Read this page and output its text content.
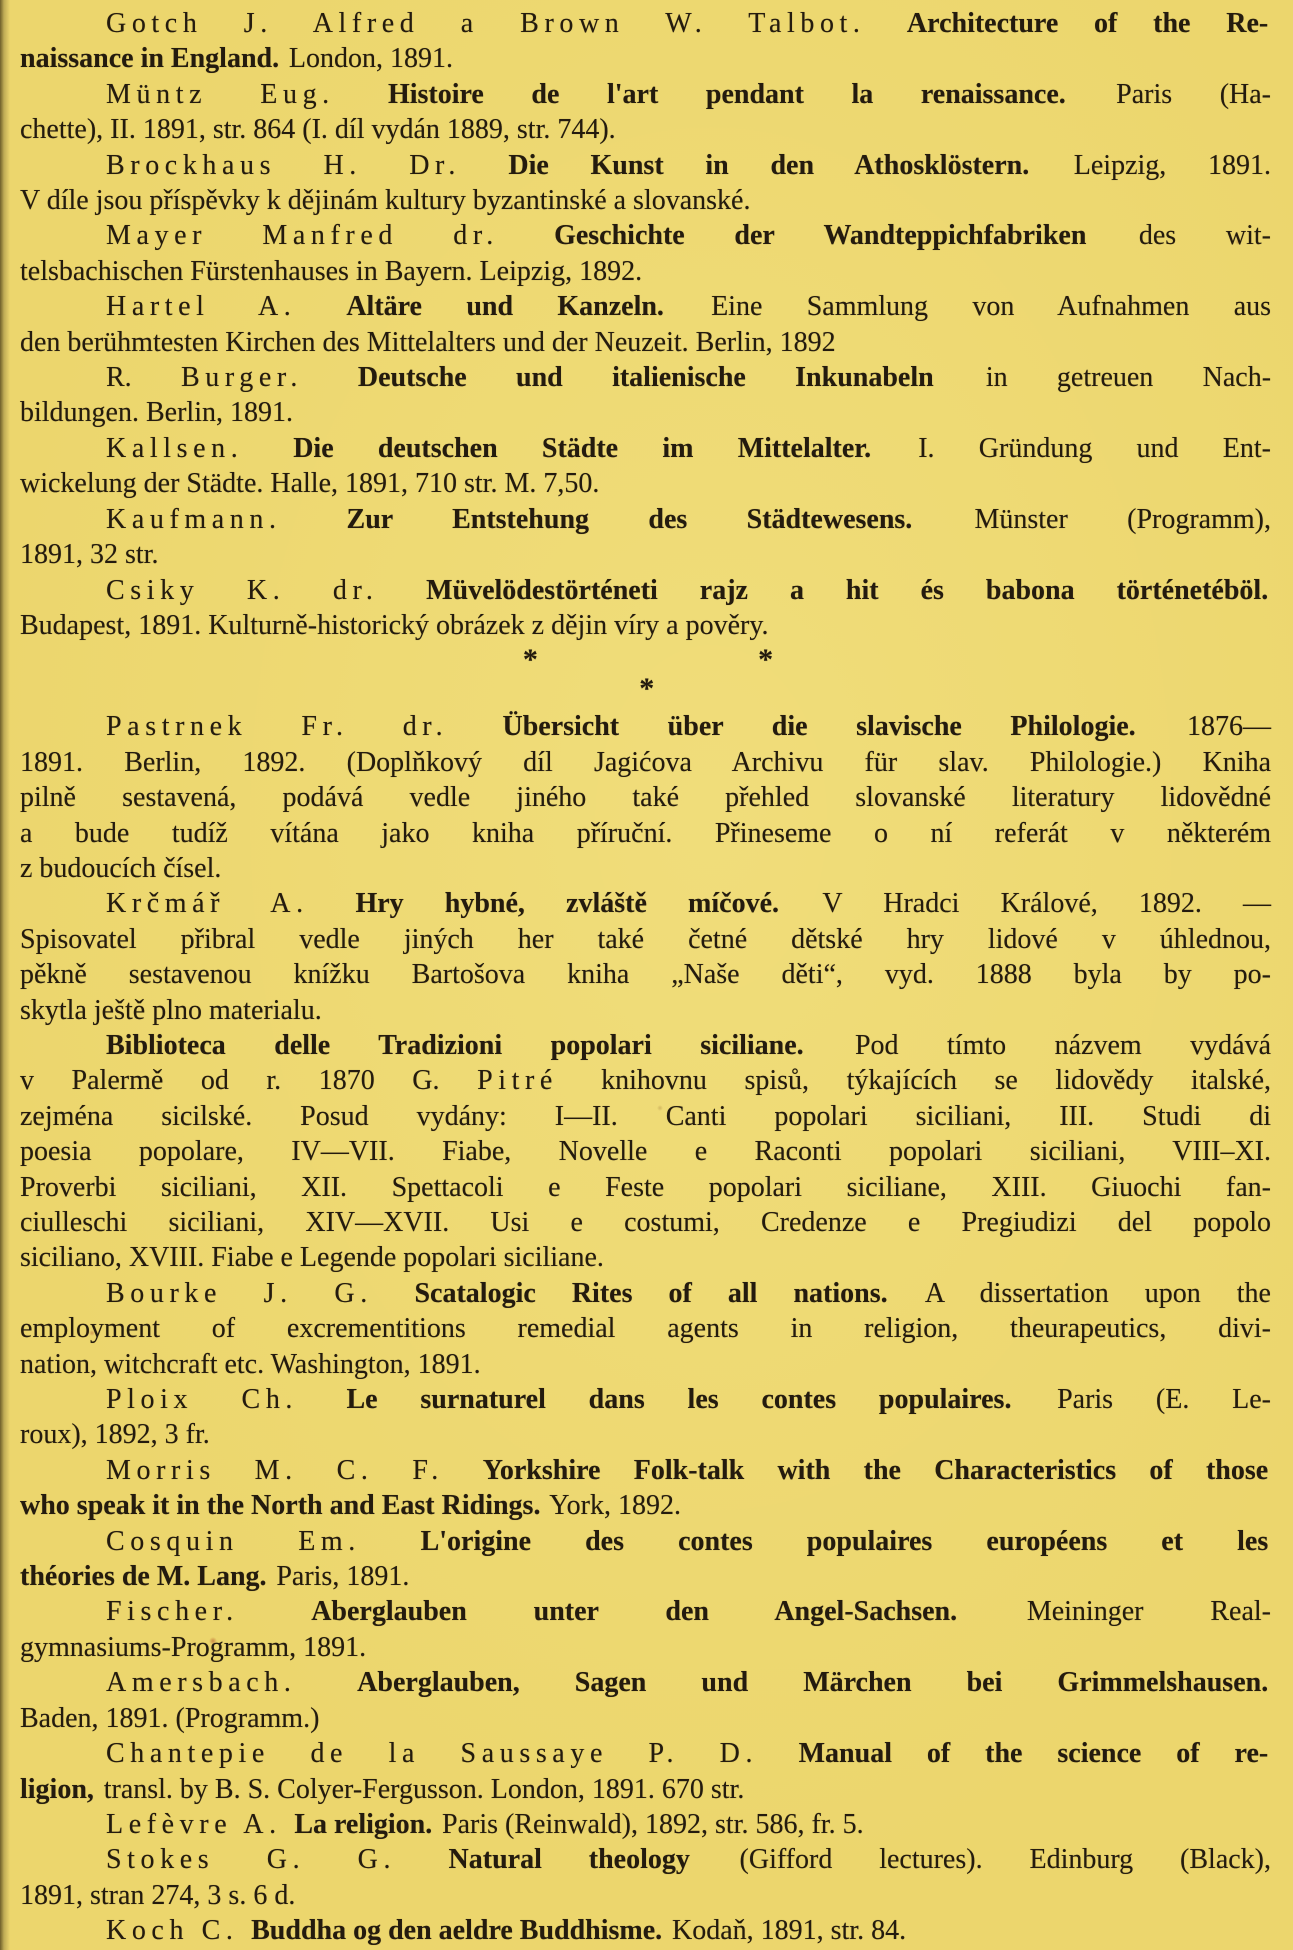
Gotch J. Alfred a Brown W. Talbot. Architecture of the Re-
naissance in England. London, 1891.
Müntz Eug. Histoire de l'art pendant la renaissance. Paris (Ha-
chette), II. 1891, str. 864 (I. díl vydán 1889, str. 744).
Brockhaus H. Dr. Die Kunst in den Athosklöstern. Leipzig, 1891.
V díle jsou příspěvky k dějinám kultury byzantinské a slovanské.
Mayer Manfred dr. Geschichte der Wandteppichfabriken des wit-
telsbachischen Fürstenhauses in Bayern. Leipzig, 1892.
Hartel A. Altäre und Kanzeln. Eine Sammlung von Aufnahmen aus
den berühmtesten Kirchen des Mittelalters und der Neuzeit. Berlin, 1892
R. Burger. Deutsche und italienische Inkunabeln in getreuen Nach-
bildungen. Berlin, 1891.
Kallsen. Die deutschen Städte im Mittelalter. I. Gründung und Ent-
wickelung der Städte. Halle, 1891, 710 str. M. 7,50.
Kaufmann. Zur Entstehung des Städtewesens. Münster (Programm),
1891, 32 str.
Csiky K. dr. Müvelödestörténeti rajz a hit és babona történetéböl.
Budapest, 1891. Kulturně-historický obrázek z dějin víry a pověry.
*	*
*
Pastrnek Fr. dr. Übersicht über die slavische Philologie. 1876—
1891. Berlin, 1892. (Doplňkový díl Jagićova Archivu für slav. Philologie.) Kniha
pilně sestavená, podává vedle jiného také přehled slovanské literatury lidovědné
a bude tudíž vítána jako kniha příruční. Přineseme o ní referát v některém
z budoucích čísel.
Krčmář A. Hry hybné, zvláště míčové. V Hradci Králové, 1892. —
Spisovatel přibral vedle jiných her také četné dětské hry lidové v úhlednou,
pěkně sestavenou knížku Bartošova kniha „Naše děti“, vyd. 1888 byla by po-
skytla ještě plno materialu.
Biblioteca delle Tradizioni popolari siciliane. Pod tímto názvem vydává
v Palermě od r. 1870 G. Pitré knihovnu spisů, týkajících se lidovědy italské,
zejména sicilské. Posud vydány: I—II. Canti popolari siciliani, III. Studi di
poesia popolare, IV—VII. Fiabe, Novelle e Raconti popolari siciliani, VIII–XI.
Proverbi siciliani, XII. Spettacoli e Feste popolari siciliane, XIII. Giuochi fan-
ciulleschi siciliani, XIV—XVII. Usi e costumi, Credenze e Pregiudizi del popolo
siciliano, XVIII. Fiabe e Legende popolari siciliane.
Bourke J. G. Scatalogic Rites of all nations. A dissertation upon the
employment of excrementitions remedial agents in religion, theurapeutics, divi-
nation, witchcraft etc. Washington, 1891.
Ploix Ch. Le surnaturel dans les contes populaires. Paris (E. Le-
roux), 1892, 3 fr.
Morris M. C. F. Yorkshire Folk-talk with the Characteristics of those
who speak it in the North and East Ridings. York, 1892.
Cosquin Em. L'origine des contes populaires européens et les
théories de M. Lang. Paris, 1891.
Fischer.	Aberglauben unter den Angel-Sachsen. Meininger Real-
gymnasiums-Programm, 1891.
Amersbach. Aberglauben, Sagen und Märchen bei Grimmelshausen.
Baden, 1891. (Programm.)
Chantepie de la Saussaye P. D. Manual of the science of re-
ligion, transl. by B. S. Colyer-Fergusson. London, 1891. 670 str.
Lefèvre A. La religion. Paris (Reinwald), 1892, str. 586, fr. 5.
Stokes G. G. Natural theology (Gifford lectures). Edinburg (Black),
1891, stran 274, 3 s. 6 d.
Koch C. Buddha og den aeldre Buddhisme. Kodaň, 1891, str. 84.
